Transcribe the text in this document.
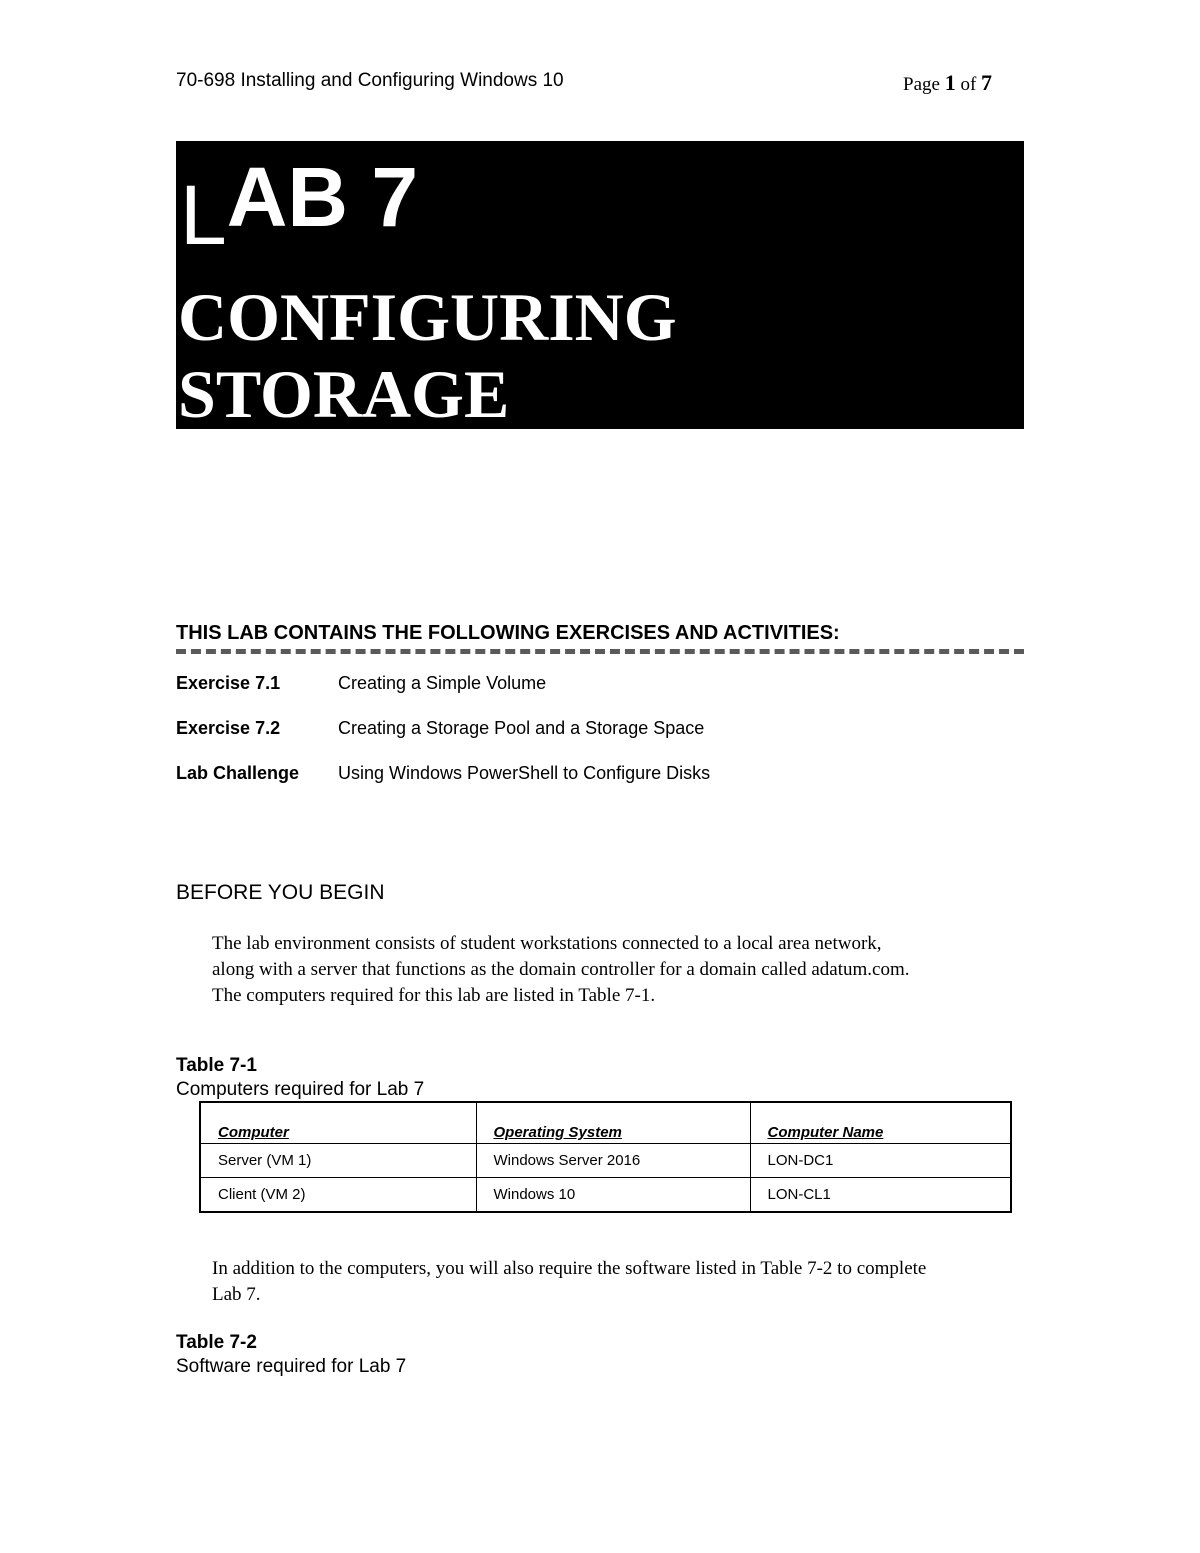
70-698 Installing and Configuring Windows 10	Page 1 of 7
LAB 7
CONFIGURING
STORAGE
THIS LAB CONTAINS THE FOLLOWING EXERCISES AND ACTIVITIES:
Exercise 7.1	Creating a Simple Volume
Exercise 7.2	Creating a Storage Pool and a Storage Space
Lab Challenge Using Windows PowerShell to Configure Disks
BEFORE YOU BEGIN
The lab environment consists of student workstations connected to a local area network, along with a server that functions as the domain controller for a domain called adatum.com. The computers required for this lab are listed in Table 7-1.
Table 7-1
Computers required for Lab 7
Computer	Operating System	Computer Name
Server (VM 1)	Windows Server 2016	LON-DC1
Client (VM 2)	Windows 10	LON-CL1
In addition to the computers, you will also require the software listed in Table 7-2 to complete Lab 7.
Table 7-2
Software required for Lab 7
